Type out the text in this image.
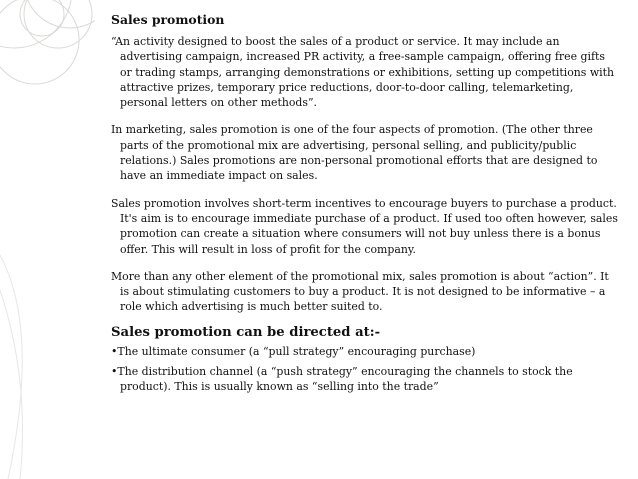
Sales promotion
“An activity designed to boost the sales of a product or service. It may include an advertising campaign, increased PR activity, a free-sample campaign, offering free gifts or trading stamps, arranging demonstrations or exhibitions, setting up competitions with attractive prizes, temporary price reductions, door-to-door calling, telemarketing, personal letters on other methods”.
In marketing, sales promotion is one of the four aspects of promotion. (The other three parts of the promotional mix are advertising, personal selling, and publicity/public relations.) Sales promotions are non-personal promotional efforts that are designed to have an immediate impact on sales.
Sales promotion involves short-term incentives to encourage buyers to purchase a product. It's aim is to encourage immediate purchase of a product. If used too often however, sales promotion can create a situation where consumers will not buy unless there is a bonus offer. This will result in loss of profit for the company.
More than any other element of the promotional mix, sales promotion is about “action”. It is about stimulating customers to buy a product. It is not designed to be informative – a role which advertising is much better suited to.
Sales promotion can be directed at:-
•The ultimate consumer (a “pull strategy” encouraging purchase)
•The distribution channel (a “push strategy” encouraging the channels to stock the product). This is usually known as “selling into the trade”
